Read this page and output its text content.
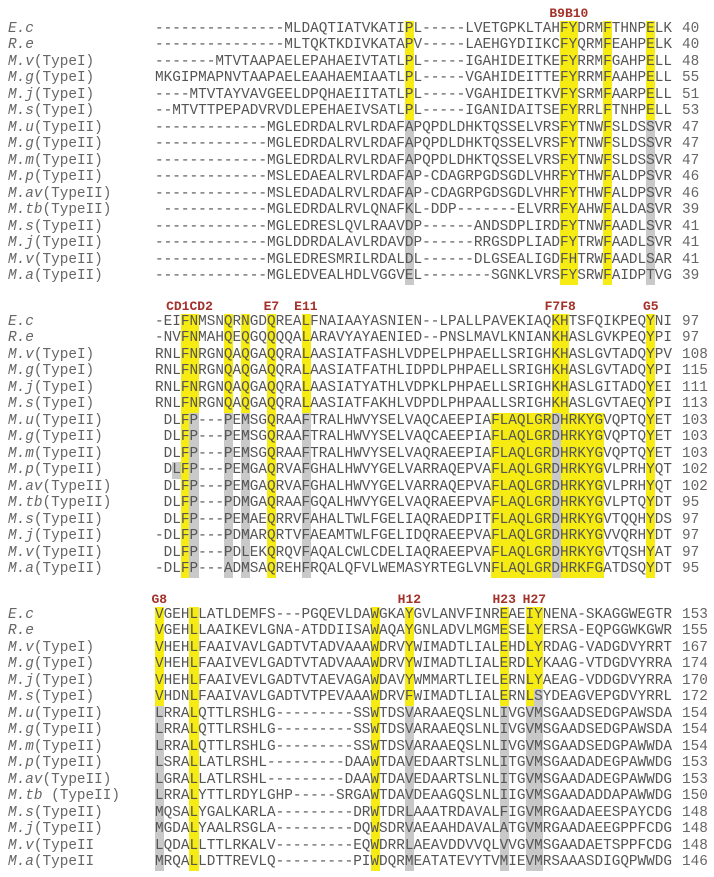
B9B10
E.c	---------------MLDAQTIATVKATIPL-----LVETGPKLTAHFYDRMFTHNPELK 40
R.e	---------------MLTQKTKDIVKATAPV-----LAEHGYDIIKCFYQRMFEAHPELK 40
M.v(TypeI)	-------MTVTAAPAELEPAHAEIVTATLPL-----IGAHIDEITKEFYRRMFGAHPELL 48
M.g(TypeI)	MKGIPMAPNVTAAPAELEAAHAEMIAATLPL-----VGAHIDEITTEFYRRMFAAHPELL 55
M.j(TypeI)	----MTVTAYVAVGEELDPQHAEIITATLPL-----VGAHIDEITKVFYSRMFAARPELL 51
M.s(TypeI)	--MTVTTPEPADVRVDLEPEHAEIVSATLPL-----IGANIDAITSEFYRRLFTNHPELL 53
M.u(TypeII)	-------------MGLEDRDALRVLRDAFAPQPDLDHKTQSSELVRSFYTNWFSLDSSVR 47
M.g(TypeII)	-------------MGLEDRDALRVLRDAFAPQPDLDHKTQSSELVRSFYTNWFSLDSSVR 47
M.m(TypeII)	-------------MGLEDRDALRVLRDAFAPQPDLDHKTQSSELVRSFYTNWFSLDSSVR 47
M.p(TypeII)	-------------MSLEDAEALRVLRDAFAP-CDAGRPGDSGDLVHRFYTHWFALDPSVR 46
M.av(TypeII)	-------------MSLEDADALRVLRDAFAP-CDAGRPGDSGDLVHRFYTHWFALDPSVR 46
M.tb(TypeII)	------------MGLEDRDALRVLQNAFKL-DDP-------ELVRRFYAHWFALDASVR 39
M.s(TypeII)	-------------MGLEDRESLQVLRAAVDP------ANDSDPLIRDFYTNWFAADLSVR 41
M.j(TypeII)	-------------MGLDDRDALAVLRDAVDP------RRGSDPLIADFYTRWFAADLSVR 41
M.v(TypeII)	-------------MGLEDRESMRILRDALDL------DLGSEALIGDFHTRWFAADLSAR 41
M.a(TypeII)	-------------MGLEDVEALHDLVGGVEL--------SGNKLVRSFYSRWFAIDPTVG 39
CD1CD2	E7 E11	F7F8	G5
E.c	-EIFNMSNQRNGDQREALFNAIAAYASNIEN--LPALLPAVEKIAQKHTSFQIKPEQYNI 97
R.e	-NVFNMAHQEQGQQQQALARAVYAYAENIED--PNSLMAVLKNIANKHASLGVKPEQYPI 97
M.v(TypeI)	RNLFNRGNQAQGAQQRALAASIATFASHLVDPELPHPAELLSRIGHKHASLGVTADQYPV 108
M.g(TypeI)	RNLFNRGNQAQGAQQRALAASIATFATHLIDPDLPHPAELLSRIGHKHASLGVTADQYPI 115
M.j(TypeI)	RNLFNRGNQAQGAQQRALAASIATYATHLVDPKLPHPAELLSRIGHKHASLGITADQYEI 111
M.s(TypeI)	RNLFNRGNQAQGAQQRALAASIATFAKHLVDPDLPHPAALLSRIGHKHASLGVTAEQYPI 113
M.u(TypeII)	DLFP---PEMSGQRAAFTRALHWVYSELVAQCAEEPIAFLAQLGRDHRKYGVQPTQYET 103
M.g(TypeII)	DLFP---PEMSGQRAAFTRALHWVYSELVAQCAEEPIAFLAQLGRDHRKYGVQPTQYET 103
M.m(TypeII)	DLFP---PEMSGQRAAFTRALHWVYSELVAQRAEEPIAFLAQLGRDHRKYGVQPTQYET 103
M.p(TypeII)	DLFP---PEMGAQRVAFGHALHWVYGELVARRAQEPVAFLAQLGRDHRKYGVLPRHYQT 102
M.av(TypeII)	DLFP---PEMGAQRVAFGHALHWVYGELVARRAQEPVAFLAQLGRDHRKYGVLPRHYQT 102
M.tb(TypeII)	DLFP---PDMGAQRAAFGQALHWVYGELVAQRAEEPVAFLAQLGRDHRKYGVLPTQYDT 95
M.s(TypeII)	DLFP---PEMAEQRRVFAHALTWLFGELIAQRAEDPITFLAQLGRDHRKYGVTQQHYDS 97
M.j(TypeII)	-DLFP---PDMARQRTVFAEAMTWLFGELIDQRAEEPVAFLAQLGRDHRKYGVVQRHYDT 97
M.v(TypeII)	DLFP---PDLEKQRQVFAQALCWLCDELIAQRAEEPVAFLAQLGRDHRKYGVTQSHYAT 97
M.a(TypeII)	-DLFP---ADMSAQREHFRQALQFVLWEMASYRTEGLVNFLAQLGRDHRKFGATDSQYDT 95
G8	H12	H23 H27
E.c	VGEHLLATLDEMFS---PGQEVLDAWGKAYGVLANVFINREAEIYNENA-SKAGGWEGTR 153
R.e	VGEHLLAAIKEVLGNA-ATDDIISAWAQAYGNLADVLMGMESELYERSA-EQPGGWKGWR 155
M.v(TypeI)	VHEHLFAAIVAVLGADTVTADVAAAWDRVYWIMADTLIALEHDLYRDAG-VADGDVYRRT 167
M.g(TypeI)	VHEHLFAAIVEVLGADTVTADVAAAWDRVYWIMADTLIALERDLYKAAG-VTDGDVYRRA 174
M.j(TypeI)	VHEHLFAAIVEVLGADTVTAEVAGAWDAVYWMMARTLIELERNLYAEAG-VDDGDVYRRA 170
M.s(TypeI)	VHDNLFAAIVAVLGADTVTPEVAAAWDRVFWIMADTLIALERNLSYDEAGVEPGDVYRRL 172
M.u(TypeII)	LRRALQTTLRSHLG---------SSWTDSVARAAEQSLNLIVGVMSGAADSEDGPAWSDA 154
M.g(TypeII)	LRRALQTTLRSHLG---------SSWTDSVARAAEQSLNLIVGVMSGAADSEDGPAWSDA 154
M.m(TypeII)	LRRALQTTLRSHLG---------SSWTDSVARAAEQSLNLIVGVMSGAADSEDGPAWWDA 154
M.p(TypeII)	LSRALLATLRSHL---------DAAWTDAVEDAARTSLNLITGVMSGAADADEGPAWWDG 153
M.av(TypeII)	LGRALLATLRSHL---------DAAWTDAVEDAARTSLNLITGVMSGAADADEGPAWWDG 153
M.tb (TypeII) LRRALYTTLRDYLGHP-----SRGAWTDAVDEAAGQSLNLIIGVMSGAADADDAPAWWDG 150
M.s(TypeII)	MQSALYGALKARLA---------DRWTDRLAAATRDAVALFIGVMRGAADAEESPAYCDG 148
M.j(TypeII)	MGDALYAALRSGLA---------DQWSDRVAEAAHDAVALATGVMRGAADAEEGPPFCDG 148
M.v(TypeII	LQDALLTTLRKALV---------EQWDRRLAEAVDDVVQLVVGVMSGAADAETSPPFCDG 148
M.a(TypeII	MRQALLDTTREVLQ---------PIWDQRMEATATEVYTVMIEVMRSAAASDIGQPWWDG 146
